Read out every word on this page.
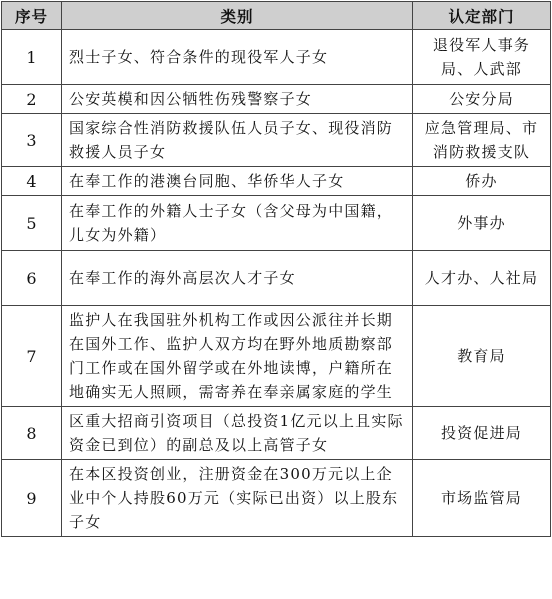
序号	类别	认定部门
1	烈士子女、符合条件的现役军人子女	退役军人事务局、人武部
2	公安英模和因公牺牲伤残警察子女	公安分局
3	国家综合性消防救援队伍人员子女、现役消防救援人员子女	应急管理局、市消防救援支队
4	在奉工作的港澳台同胞、华侨华人子女	侨办
5	在奉工作的外籍人士子女（含父母为中国籍，儿女为外籍）	外事办
6	在奉工作的海外高层次人才子女	人才办、人社局
7	监护人在我国驻外机构工作或因公派往并长期在国外工作、监护人双方均在野外地质勘察部门工作或在国外留学或在外地读博，户籍所在地确实无人照顾，需寄养在奉亲属家庭的学生	教育局
8	区重大招商引资项目（总投资1亿元以上且实际资金已到位）的副总及以上高管子女	投资促进局
9	在本区投资创业，注册资金在300万元以上企业中个人持股60万元（实际已出资）以上股东子女	市场监管局
